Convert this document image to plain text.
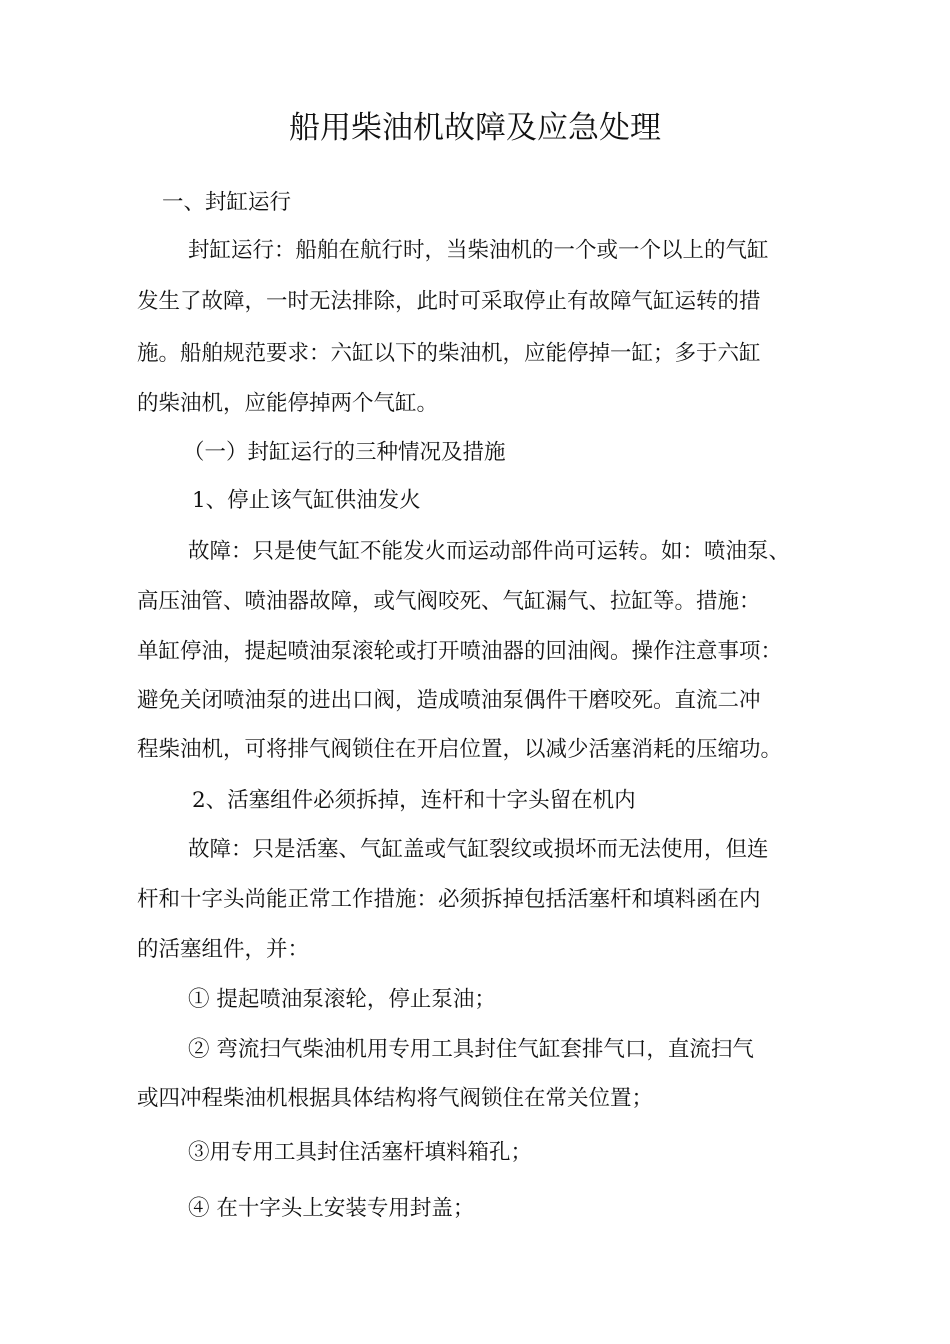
船用柴油机故障及应急处理
一、封缸运行
封缸运行：船舶在航行时，当柴油机的一个或一个以上的气缸
发生了故障，一时无法排除，此时可采取停止有故障气缸运转的措
施。船舶规范要求：六缸以下的柴油机，应能停掉一缸；多于六缸
的柴油机，应能停掉两个气缸。
（一）封缸运行的三种情况及措施
1、停止该气缸供油发火
故障：只是使气缸不能发火而运动部件尚可运转。如：喷油泵、
高压油管、喷油器故障，或气阀咬死、气缸漏气、拉缸等。措施：
单缸停油，提起喷油泵滚轮或打开喷油器的回油阀。操作注意事项：
避免关闭喷油泵的进出口阀，造成喷油泵偶件干磨咬死。直流二冲
程柴油机，可将排气阀锁住在开启位置，以减少活塞消耗的压缩功。
2、活塞组件必须拆掉，连杆和十字头留在机内
故障：只是活塞、气缸盖或气缸裂纹或损坏而无法使用，但连
杆和十字头尚能正常工作措施：必须拆掉包括活塞杆和填料函在内
的活塞组件，并：
① 提起喷油泵滚轮，停止泵油；
② 弯流扫气柴油机用专用工具封住气缸套排气口，直流扫气
或四冲程柴油机根据具体结构将气阀锁住在常关位置；
③用专用工具封住活塞杆填料箱孔；
④ 在十字头上安装专用封盖；
